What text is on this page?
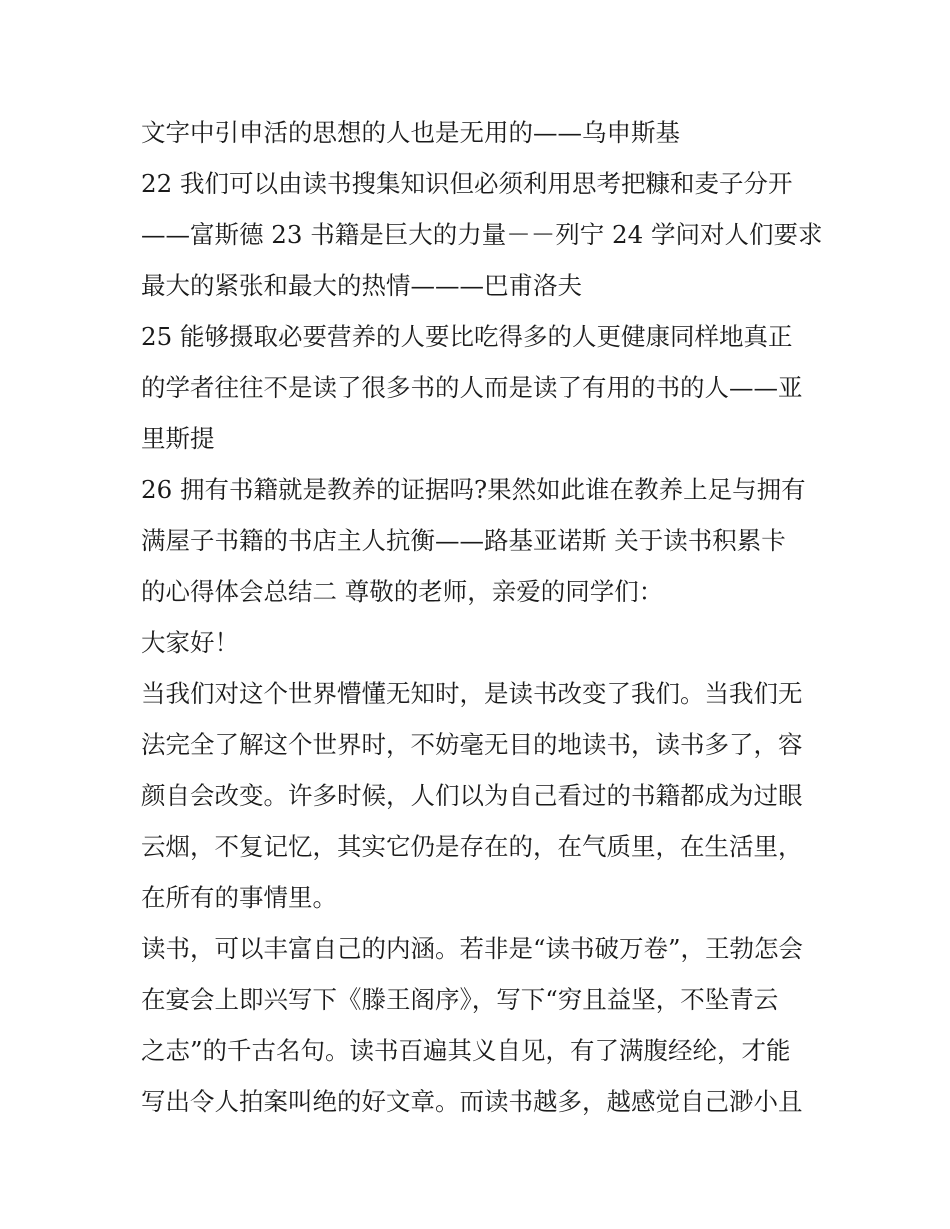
文字中引申活的思想的人也是无用的——乌申斯基
22 我们可以由读书搜集知识但必须利用思考把糠和麦子分开
——富斯德 23 书籍是巨大的力量－－列宁 24 学问对人们要求
最大的紧张和最大的热情———巴甫洛夫
25 能够摄取必要营养的人要比吃得多的人更健康同样地真正
的学者往往不是读了很多书的人而是读了有用的书的人——亚
里斯提
26 拥有书籍就是教养的证据吗?果然如此谁在教养上足与拥有
满屋子书籍的书店主人抗衡——路基亚诺斯 关于读书积累卡
的心得体会总结二 尊敬的老师，亲爱的同学们：
大家好！
当我们对这个世界懵懂无知时，是读书改变了我们。当我们无
法完全了解这个世界时，不妨毫无目的地读书，读书多了，容
颜自会改变。许多时候，人们以为自己看过的书籍都成为过眼
云烟，不复记忆，其实它仍是存在的，在气质里，在生活里，
在所有的事情里。
读书，可以丰富自己的内涵。若非是“读书破万卷”，王勃怎会
在宴会上即兴写下《滕王阁序》，写下“穷且益坚，不坠青云
之志”的千古名句。读书百遍其义自见，有了满腹经纶，才能
写出令人拍案叫绝的好文章。而读书越多，越感觉自己渺小且
